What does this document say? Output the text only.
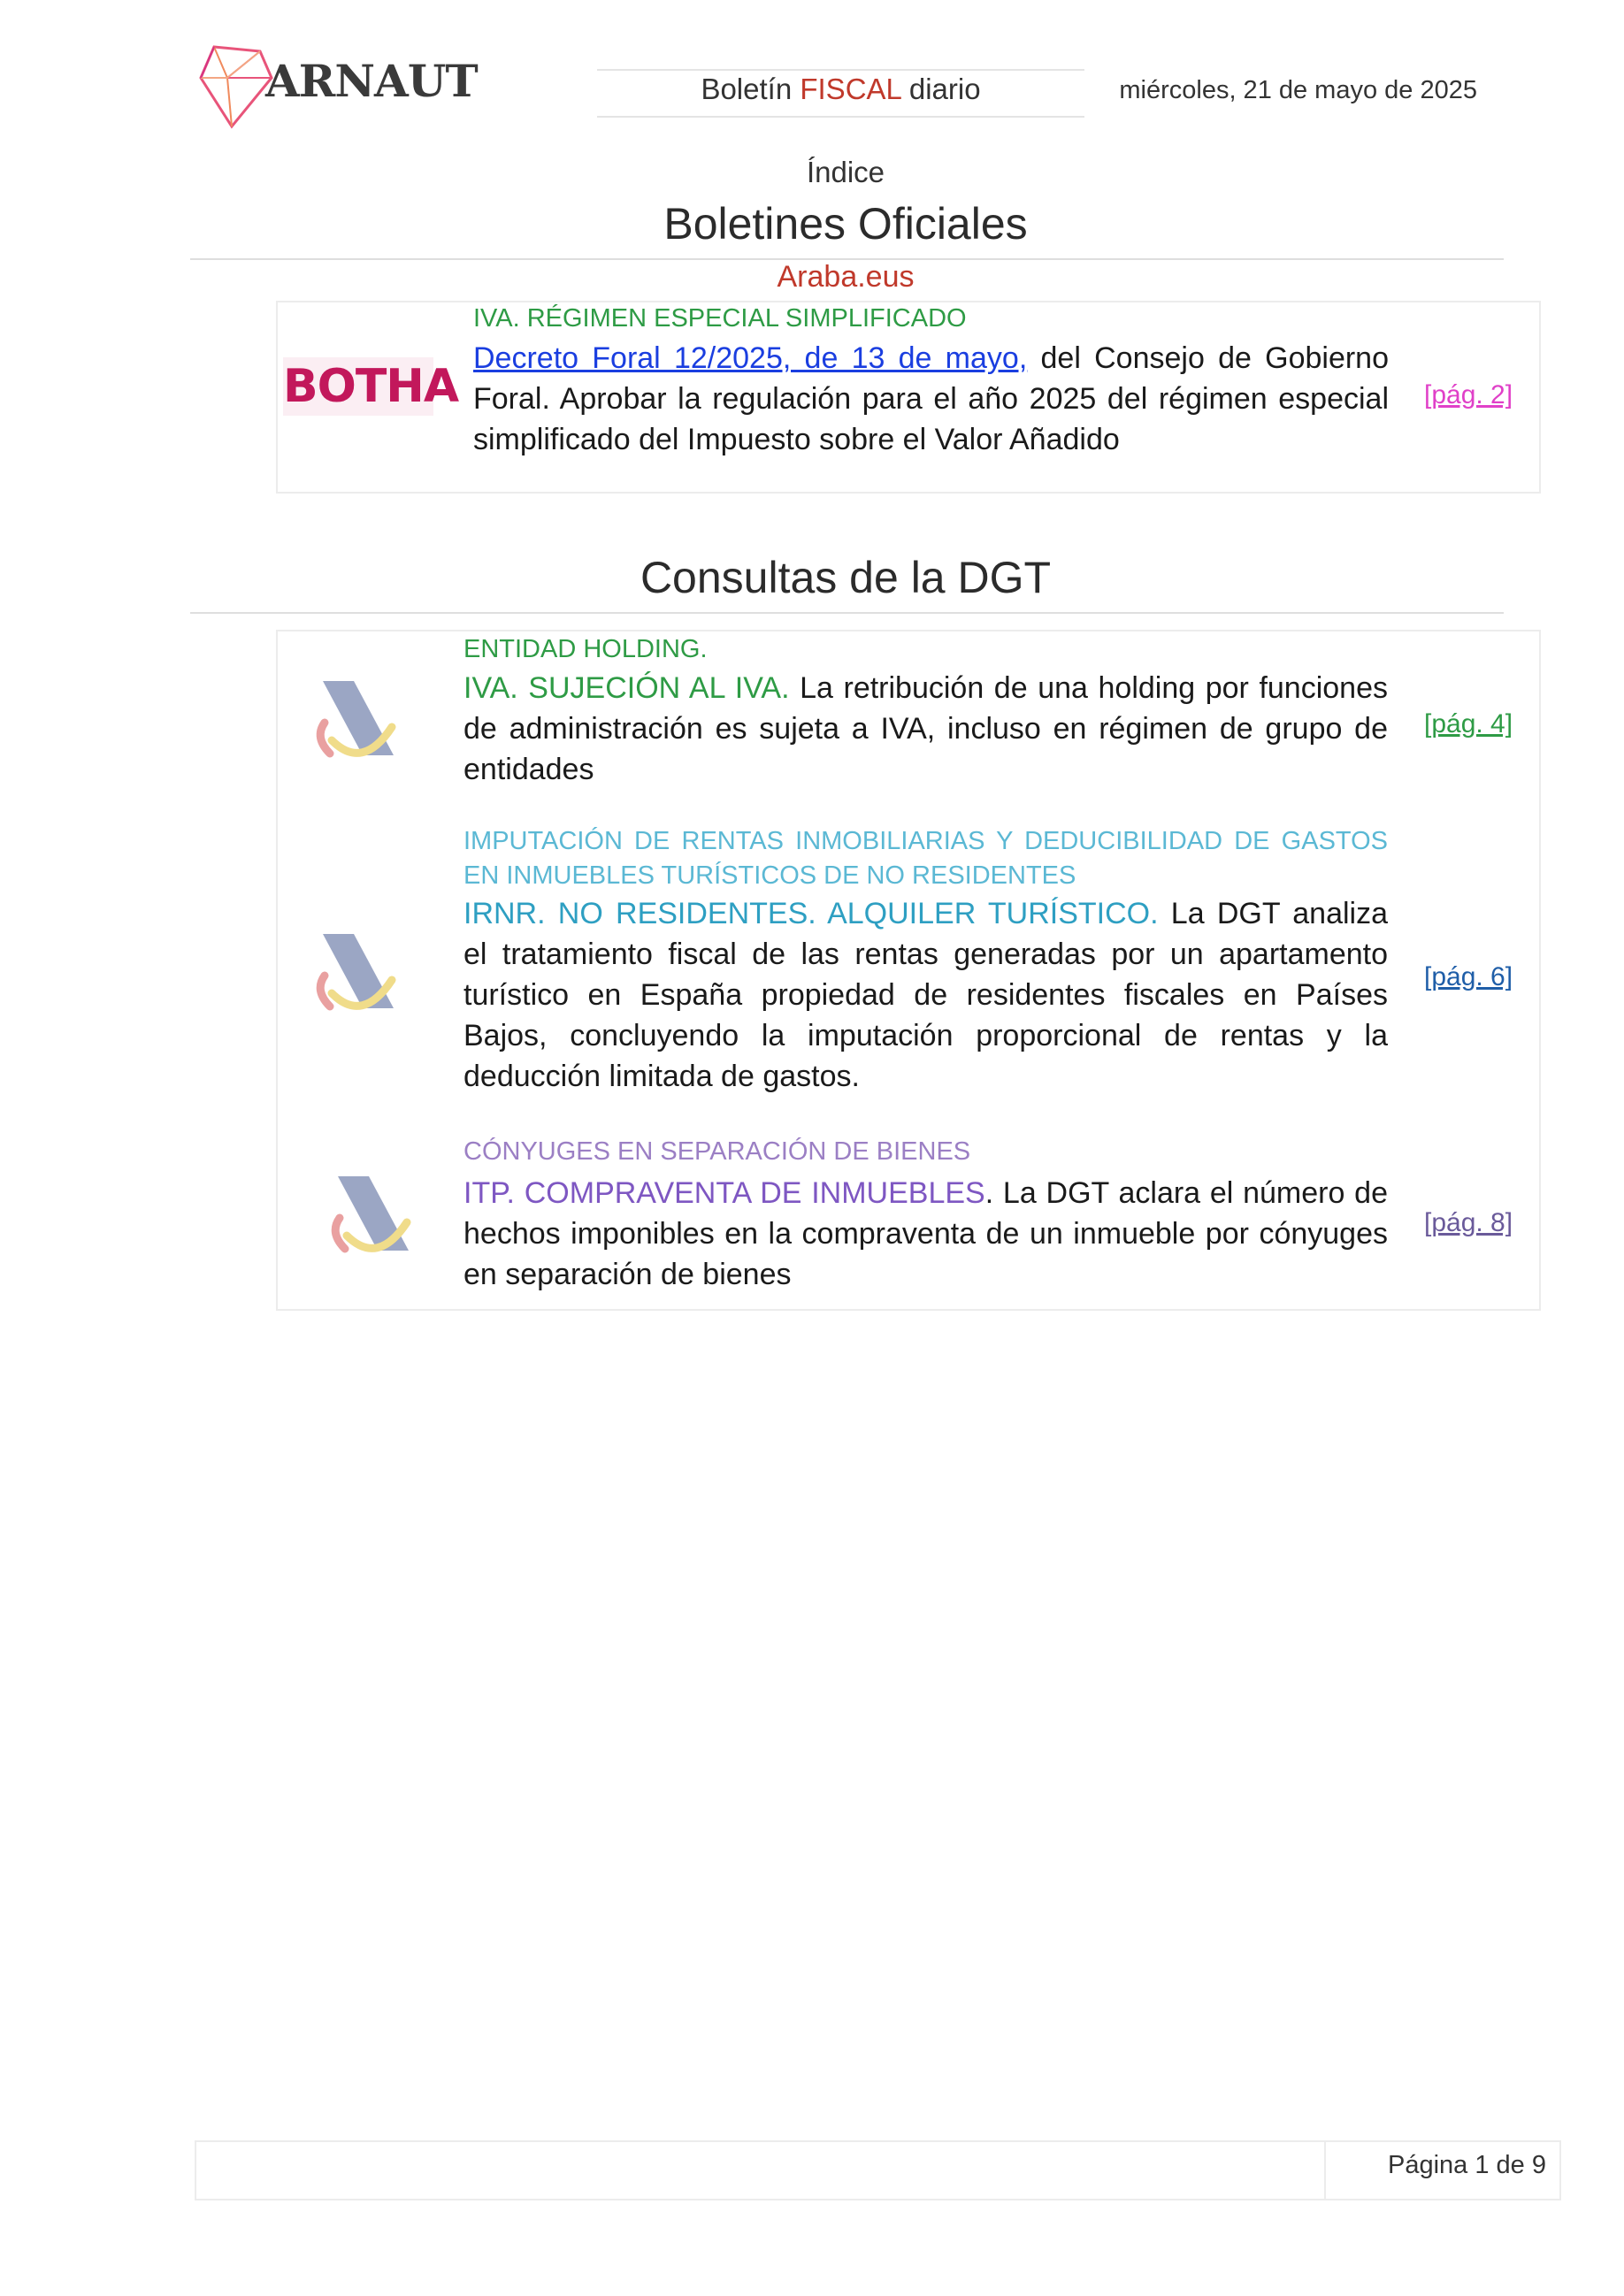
ARNAUT	Boletín FISCAL diario	miércoles, 21 de mayo de 2025
Índice
Boletines Oficiales
Araba.eus
BOTHA
IVA. RÉGIMEN ESPECIAL SIMPLIFICADO
Decreto Foral 12/2025, de 13 de mayo, del Consejo de Gobierno Foral. Aprobar la regulación para el año 2025 del régimen especial simplificado del Impuesto sobre el Valor Añadido
[pág. 2]
Consultas de la DGT
ENTIDAD HOLDING.
IVA. SUJECIÓN AL IVA. La retribución de una holding por funciones de administración es sujeta a IVA, incluso en régimen de grupo de entidades
[pág. 4]
IMPUTACIÓN DE RENTAS INMOBILIARIAS Y DEDUCIBILIDAD DE GASTOS EN INMUEBLES TURÍSTICOS DE NO RESIDENTES
IRNR. NO RESIDENTES. ALQUILER TURÍSTICO. La DGT analiza el tratamiento fiscal de las rentas generadas por un apartamento turístico en España propiedad de residentes fiscales en Países Bajos, concluyendo la imputación proporcional de rentas y la deducción limitada de gastos.
[pág. 6]
CÓNYUGES EN SEPARACIÓN DE BIENES
ITP. COMPRAVENTA DE INMUEBLES. La DGT aclara el número de hechos imponibles en la compraventa de un inmueble por cónyuges en separación de bienes
[pág. 8]
Página 1 de 9
